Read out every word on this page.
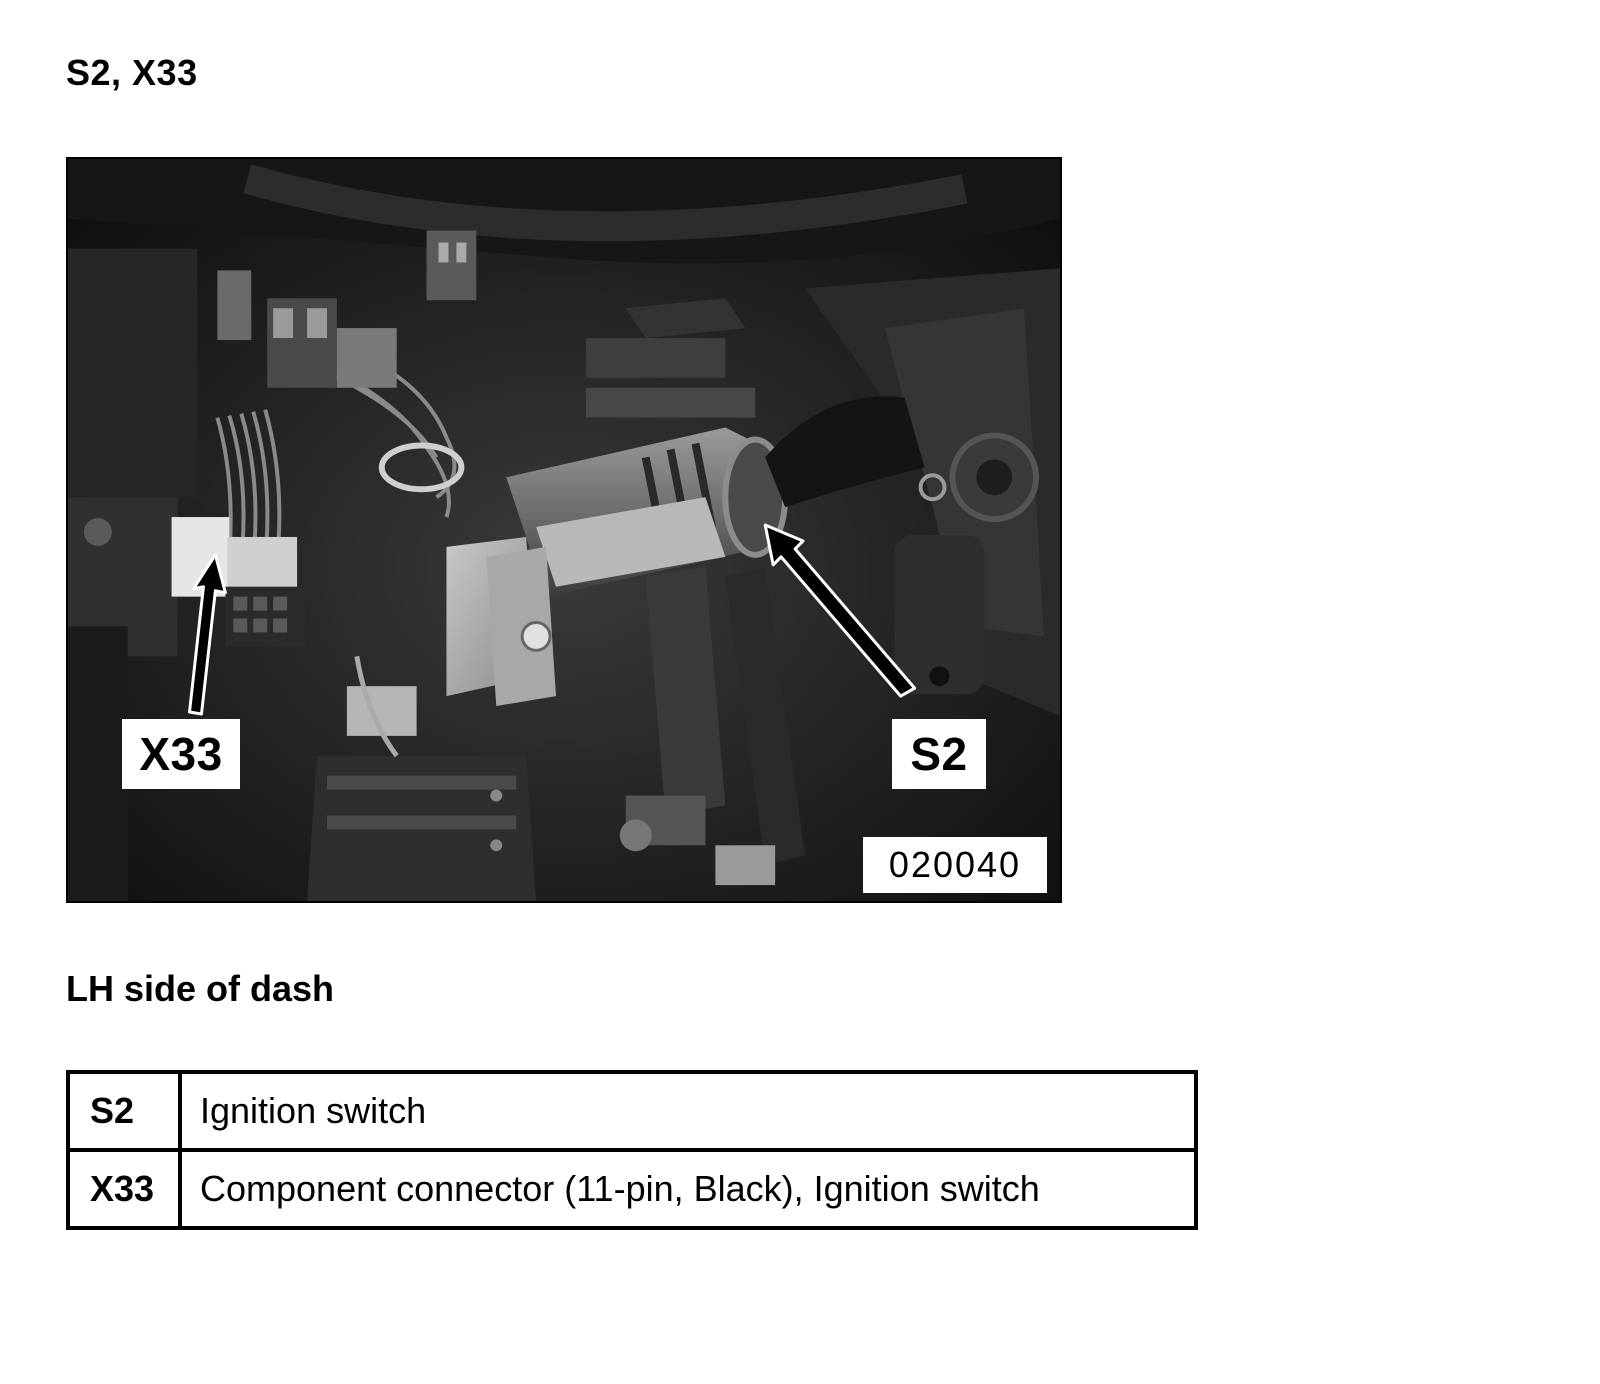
S2, X33
X33	S2
020040

LH side of dash

S2	Ignition switch
X33	Component connector (11-pin, Black), Ignition switch
